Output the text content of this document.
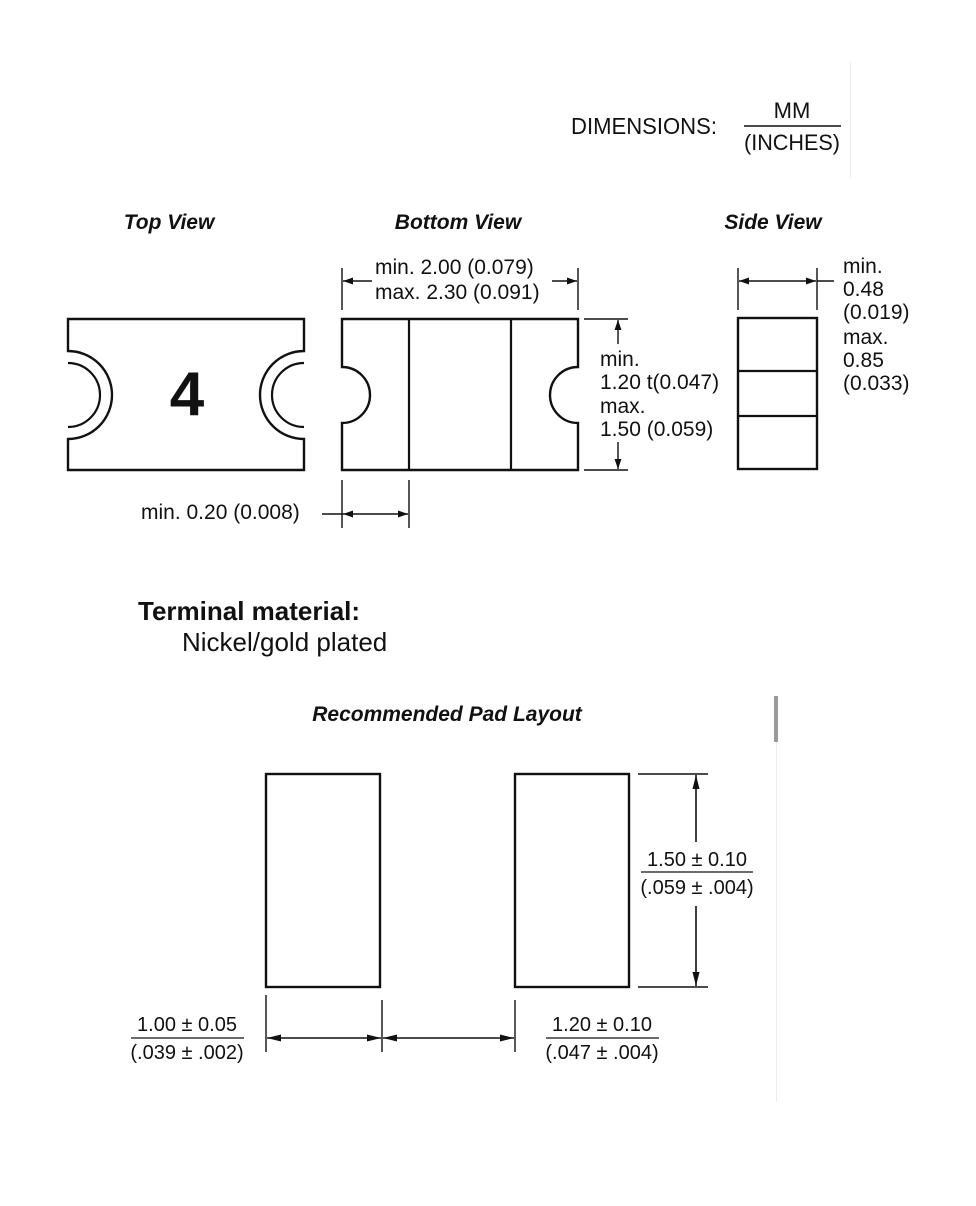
DIMENSIONS:
MM
(INCHES)
Top View	Bottom View	Side View
4
min. 2.00 (0.079)
max. 2.30 (0.091)
min.
1.20 t(0.047)
max.
1.50 (0.059)
min. 0.20 (0.008)
min.
0.48
(0.019)
max.
0.85
(0.033)
Recommended Pad Layout
1.50 ± 0.10
(.059 ± .004)
1.00 ± 0.05
(.039 ± .002)
1.20 ± 0.10
(.047 ± .004)

Terminal material:

Nickel/gold plated
